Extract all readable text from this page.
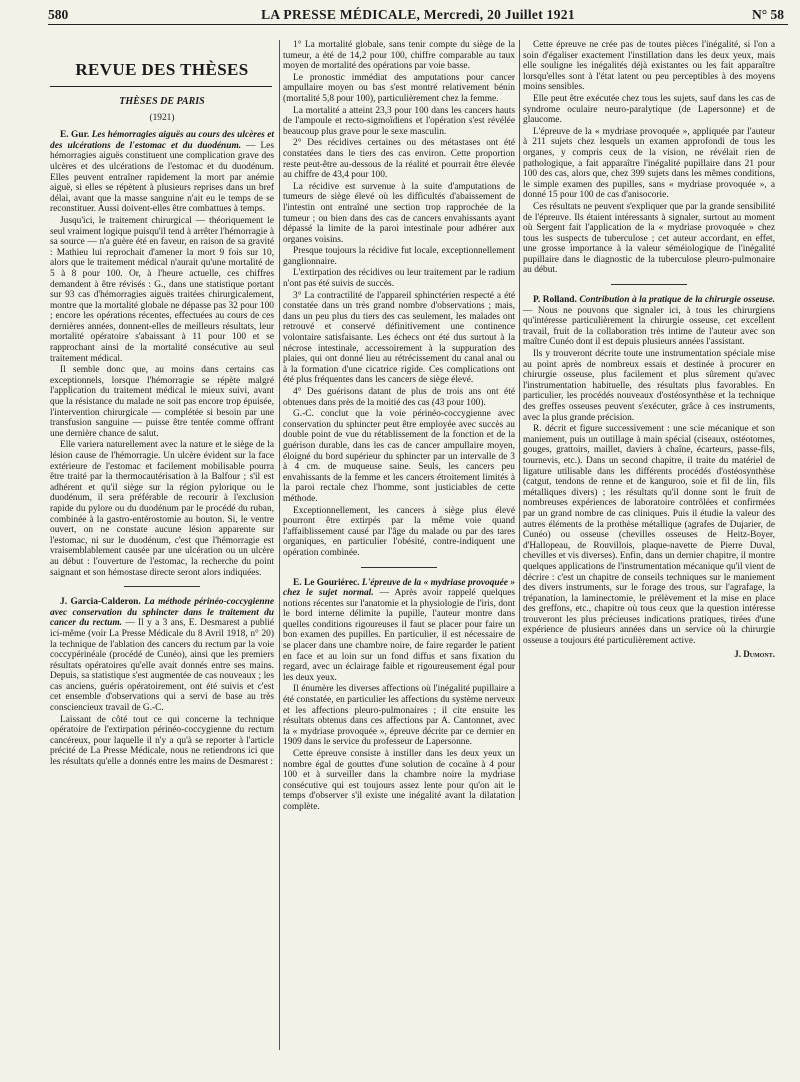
580	LA PRESSE MÉDICALE, Mercredi, 20 Juillet 1921	N° 58
REVUE DES THÈSES
THÈSES DE PARIS
(1921)

E. Gur. Les hémorragies aiguës au cours des ulcères et des ulcérations de l'estomac et du duodénum. — Les hémorragies aiguës constituent une complication grave des ulcères et des ulcérations de l'estomac et du duodénum. Elles peuvent entraîner rapidement la mort par anémie aiguë, si elles se répètent à plusieurs reprises dans un bref délai, avant que la masse sanguine n'ait eu le temps de se reconstituer. Aussi doivent-elles être combattues à temps.

Jusqu'ici, le traitement chirurgical — théoriquement le seul vraiment logique puisqu'il tend à arrêter l'hémorragie à sa source — n'a guère été en faveur, en raison de sa gravité : Mathieu lui reprochait d'amener la mort 9 fois sur 10, alors que le traitement médical n'aurait qu'une mortalité de 5 à 8 pour 100. Or, à l'heure actuelle, ces chiffres demandent à être révisés : G., dans une statistique portant sur 93 cas d'hémorragies aiguës traitées chirurgicalement, montre que la mortalité globale ne dépasse pas 32 pour 100 ; encore les opérations récentes, effectuées au cours de ces dernières années, donnent-elles de meilleurs résultats, leur mortalité opératoire s'abaissant à 11 pour 100 et se rapprochant ainsi de la mortalité consécutive au seul traitement médical.

Il semble donc que, au moins dans certains cas exceptionnels, lorsque l'hémorragie se répète malgré l'application du traitement médical le mieux suivi, avant que la résistance du malade ne soit pas encore trop épuisée, l'intervention chirurgicale — complétée si besoin par une transfusion sanguine — puisse être tentée comme offrant une dernière chance de salut.

Elle variera naturellement avec la nature et le siège de la lésion cause de l'hémorragie. Un ulcère évident sur la face extérieure de l'estomac et facilement mobilisable pourra être traité par la thermocautérisation à la Balfour ; s'il est adhérent et qu'il siège sur la région pylorique ou le duodénum, il sera préférable de recourir à l'exclusion rapide du pylore ou du duodénum par le procédé du ruban, combinée à la gastro-entérostomie au bouton. Si, le ventre ouvert, on ne constate aucune lésion apparente sur l'estomac, ni sur le duodénum, c'est que l'hémorragie est vraisemblablement causée par une ulcération ou un ulcère au début : l'ouverture de l'estomac, la recherche du point saignant et son hémostase directe seront alors indiquées.

J. Garcia-Calderon. La méthode périnéo-coccygienne avec conservation du sphincter dans le traitement du cancer du rectum. — Il y a 3 ans, E. Desmarest a publié ici-même (voir La Presse Médicale du 8 Avril 1918, n° 20) la technique de l'ablation des cancers du rectum par la voie coccypérinéale (procédé de Cunéo), ainsi que les premiers résultats opératoires qu'elle avait donnés entre ses mains. Depuis, sa statistique s'est augmentée de cas nouveaux ; les cas anciens, guéris opératoirement, ont été suivis et c'est cet ensemble d'observations qui a servi de base au très consciencieux travail de G.-C.

Laissant de côté tout ce qui concerne la technique opératoire de l'extirpation périnéo-coccygienne du rectum cancéreux, pour laquelle il n'y a qu'à se reporter à l'article précité de La Presse Médicale, nous ne retiendrons ici que les résultats qu'elle a donnés entre les mains de Desmarest :

1° La mortalité globale, sans tenir compte du siège de la tumeur, a été de 14,2 pour 100, chiffre comparable au taux moyen de mortalité des opérations par voie basse.

Le pronostic immédiat des amputations pour cancer ampullaire moyen ou bas s'est montré relativement bénin (mortalité 5,8 pour 100), particulièrement chez la femme.

La mortalité a atteint 23,3 pour 100 dans les cancers hauts de l'ampoule et recto-sigmoïdiens et l'opération s'est révélée beaucoup plus grave pour le sexe masculin.

2° Des récidives certaines ou des métastases ont été constatées dans le tiers des cas environ. Cette proportion reste peut-être au-dessous de la réalité et pourrait être élevée au chiffre de 43,4 pour 100.

La récidive est survenue à la suite d'amputations de tumeurs de siège élevé où les difficultés d'abaissement de l'intestin ont entraîné une section trop rapprochée de la tumeur ; ou bien dans des cas de cancers envahissants ayant dépassé la limite de la paroi intestinale pour adhérer aux organes voisins.

Presque toujours la récidive fut locale, exceptionnellement ganglionnaire.

L'extirpation des récidives ou leur traitement par le radium n'ont pas été suivis de succès.

3° La contractilité de l'appareil sphinctérien respecté a été constatée dans un très grand nombre d'observations ; mais, dans un peu plus du tiers des cas seulement, les malades ont retrouvé et conservé définitivement une continence volontaire satisfaisante. Les échecs ont été dus surtout à la nécrose intestinale, accessoirement à la suppuration des plaies, qui ont donné lieu au rétrécissement du canal anal ou à la formation d'une cicatrice rigide. Ces complications ont été plus fréquentes dans les cancers de siège élevé.

4° Des guérisons datant de plus de trois ans ont été obtenues dans près de la moitié des cas (43 pour 100).

G.-C. conclut que la voie périnéo-coccygienne avec conservation du sphincter peut être employée avec succès au double point de vue du rétablissement de la fonction et de la guérison durable, dans les cas de cancer ampullaire moyen, éloigné du bord supérieur du sphincter par un intervalle de 3 à 4 cm. de muqueuse saine. Seuls, les cancers peu envahissants de la femme et les cancers étroitement limités à la paroi rectale chez l'homme, sont justiciables de cette méthode.

Exceptionnellement, les cancers à siège plus élevé pourront être extirpés par la même voie quand l'affaiblissement causé par l'âge du malade ou par des tares organiques, en particulier l'obésité, contre-indiquent une opération combinée.

E. Le Gouriérec. L'épreuve de la « mydriase provoquée » chez le sujet normal. — Après avoir rappelé quelques notions récentes sur l'anatomie et la physiologie de l'iris, dont le bord interne délimite la pupille, l'auteur montre dans quelles conditions rigoureuses il faut se placer pour faire un bon examen des pupilles. En particulier, il est nécessaire de se placer dans une chambre noire, de faire regarder le patient en face et au loin sur un fond diffus et sans fixation du regard, avec un éclairage faible et rigoureusement égal pour les deux yeux.

Il énumère les diverses affections où l'inégalité pupillaire a été constatée, en particulier les affections du système nerveux et les affections pleuro-pulmonaires ; il cite ensuite les résultats obtenus dans ces affections par A. Cantonnet, avec la « mydriase provoquée », épreuve décrite par ce dernier en 1909 dans le service du professeur de Lapersonne.

Cette épreuve consiste à instiller dans les deux yeux un nombre égal de gouttes d'une solution de cocaïne à 4 pour 100 et à surveiller dans la chambre noire la mydriase consécutive qui est toujours assez lente pour qu'on ait le temps d'observer s'il existe une inégalité avant la dilatation complète.

Cette épreuve ne crée pas de toutes pièces l'inégalité, si l'on a soin d'égaliser exactement l'instillation dans les deux yeux, mais elle souligne les inégalités déjà existantes ou les fait apparaître lorsqu'elles sont à l'état latent ou peu perceptibles à des moyens moins sensibles.

Elle peut être exécutée chez tous les sujets, sauf dans les cas de syndrome oculaire neuro-paralytique (de Lapersonne) et de glaucome.

L'épreuve de la « mydriase provoquée », appliquée par l'auteur à 211 sujets chez lesquels un examen approfondi de tous les organes, y compris ceux de la vision, ne révélait rien de pathologique, a fait apparaître l'inégalité pupillaire dans 21 pour 100 des cas, alors que, chez 399 sujets dans les mêmes conditions, le simple examen des pupilles, sans « mydriase provoquée », a donné 15 pour 100 de cas d'anisocorie.

Ces résultats ne peuvent s'expliquer que par la grande sensibilité de l'épreuve. Ils étaient intéressants à signaler, surtout au moment où Sergent fait l'application de la « mydriase provoquée » chez tous les suspects de tuberculose ; cet auteur accordant, en effet, une grosse importance à la valeur séméiologique de l'inégalité pupillaire dans le diagnostic de la tuberculose pleuro-pulmonaire au début.

P. Rolland. Contribution à la pratique de la chirurgie osseuse. — Nous ne pouvons que signaler ici, à tous les chirurgiens qu'intéresse particulièrement la chirurgie osseuse, cet excellent travail, fruit de la collaboration très intime de l'auteur avec son maître Cunéo dont il est depuis plusieurs années l'assistant.

Ils y trouveront décrite toute une instrumentation spéciale mise au point après de nombreux essais et destinée à procurer en chirurgie osseuse, plus facilement et plus sûrement qu'avec l'instrumentation habituelle, des résultats plus favorables. En particulier, les procédés nouveaux d'ostéosynthèse et la technique des greffes osseuses peuvent s'exécuter, grâce à ces instruments, avec la plus grande précision.

R. décrit et figure successivement : une scie mécanique et son maniement, puis un outillage à main spécial (ciseaux, ostéotomes, gouges, grattoirs, maillet, daviers à chaîne, écarteurs, passe-fils, tournevis, etc.). Dans un second chapitre, il traite du matériel de ligature utilisable dans les différents procédés d'ostéosynthèse (catgut, tendons de renne et de kanguroo, soie et fil de lin, fils métalliques divers) ; les résultats qu'il donne sont le fruit de nombreuses expériences de laboratoire contrôlées et confirmées par un grand nombre de cas cliniques. Puis il étudie la valeur des autres éléments de la prothèse métallique (agrafes de Dujarier, de Cunéo) ou osseuse (chevilles osseuses de Heitz-Boyer, d'Hallopeau, de Rouvillois, plaque-navette de Pierre Duval, chevilles et vis diverses). Enfin, dans un dernier chapitre, il montre quelques applications de l'instrumentation mécanique qu'il vient de décrire : c'est un chapitre de conseils techniques sur le maniement des divers instruments, sur le forage des trous, sur l'agrafage, la trépanation, la laminectomie, le prélèvement et la mise en place des greffons, etc., chapitre où tous ceux que la question intéresse trouveront les plus précieuses indications pratiques, tirées d'une expérience de plusieurs années dans un service où la chirurgie osseuse a toujours été particulièrement active.

J. Dumont.
